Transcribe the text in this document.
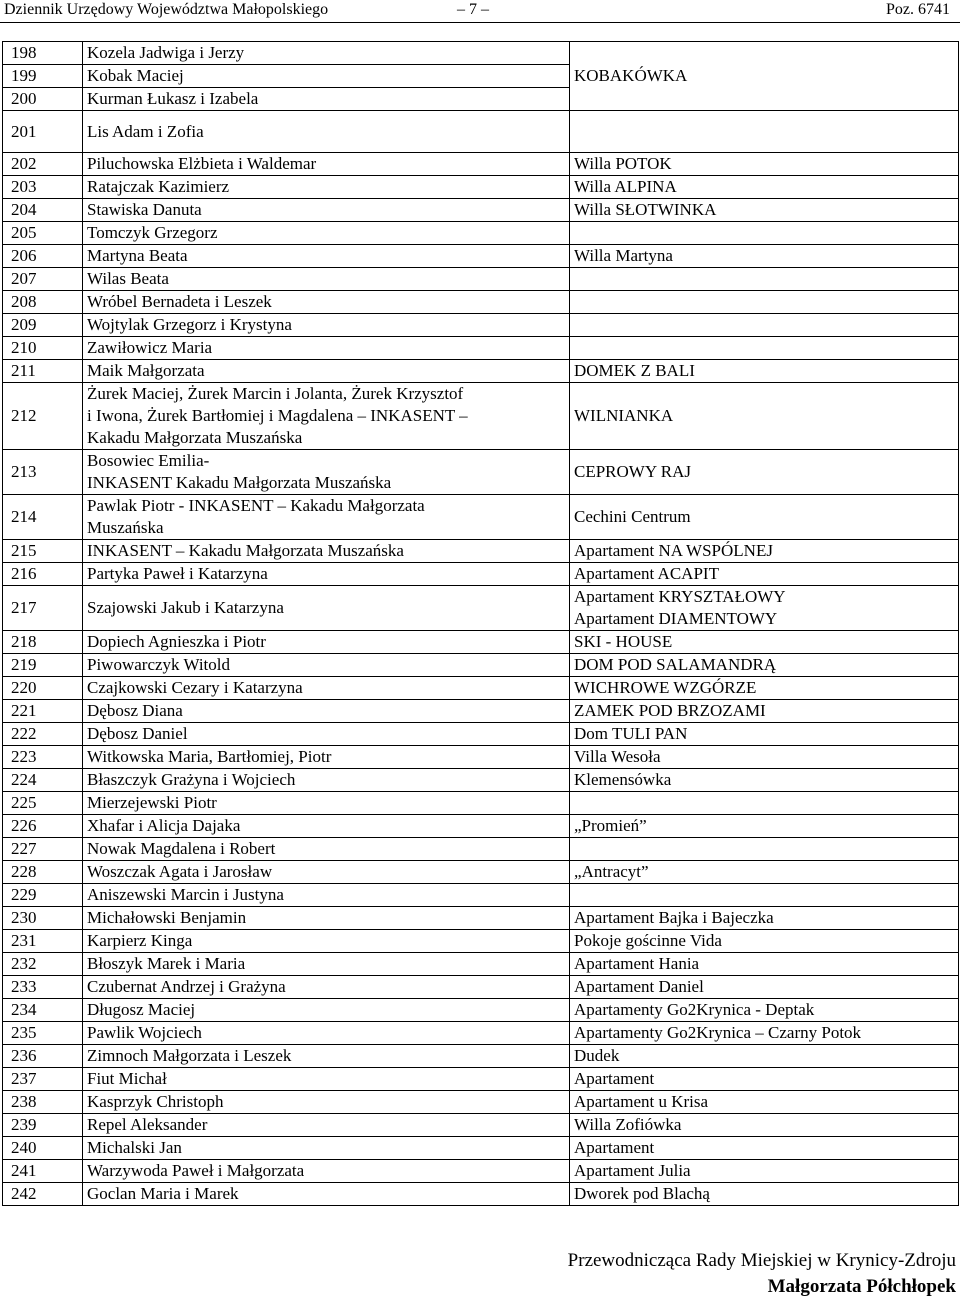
Dziennik Urzędowy Województwa Małopolskiego	– 7 –	Poz. 6741
198	Kozela Jadwiga i Jerzy	KOBAKÓWKA
199	Kobak Maciej	
200	Kurman Łukasz i Izabela	
201	Lis Adam i Zofia	
202	Piluchowska Elżbieta i Waldemar	Willa POTOK
203	Ratajczak Kazimierz	Willa ALPINA
204	Stawiska Danuta	Willa SŁOTWINKA
205	Tomczyk Grzegorz	
206	Martyna Beata	Willa Martyna
207	Wilas Beata	
208	Wróbel Bernadeta i Leszek	
209	Wojtylak Grzegorz i Krystyna	
210	Zawiłowicz Maria	
211	Maik Małgorzata	DOMEK Z BALI
212	Żurek Maciej, Żurek Marcin i Jolanta, Żurek Krzysztof
i Iwona, Żurek Bartłomiej i Magdalena – INKASENT –
Kakadu Małgorzata Muszańska	WILNIANKA
213	Bosowiec Emilia-
INKASENT Kakadu Małgorzata Muszańska	CEPROWY RAJ
214	Pawlak Piotr - INKASENT – Kakadu Małgorzata
Muszańska	Cechini Centrum
215	INKASENT – Kakadu Małgorzata Muszańska	Apartament NA WSPÓLNEJ
216	Partyka Paweł i Katarzyna	Apartament ACAPIT
217	Szajowski Jakub i Katarzyna	Apartament KRYSZTAŁOWY
Apartament DIAMENTOWY

218	Dopiech Agnieszka i Piotr	SKI - HOUSE
219	Piwowarczyk Witold	DOM POD SALAMANDRĄ
220	Czajkowski Cezary i Katarzyna	WICHROWE WZGÓRZE
221	Dębosz Diana	ZAMEK POD BRZOZAMI
222	Dębosz Daniel	Dom TULI PAN
223	Witkowska Maria, Bartłomiej, Piotr	Villa Wesoła
224	Błaszczyk Grażyna i Wojciech	Klemensówka
225	Mierzejewski Piotr	
226	Xhafar i Alicja Dajaka	„Promień”
227	Nowak Magdalena i Robert	
228	Woszczak Agata i Jarosław	„Antracyt”
229	Aniszewski Marcin i Justyna	
230	Michałowski Benjamin	Apartament Bajka i Bajeczka
231	Karpierz Kinga	Pokoje gościnne Vida
232	Błoszyk Marek i Maria	Apartament Hania
233	Czubernat Andrzej i Grażyna	Apartament Daniel
234	Długosz Maciej	Apartamenty Go2Krynica - Deptak
235	Pawlik Wojciech	Apartamenty Go2Krynica – Czarny Potok
236	Zimnoch Małgorzata i Leszek	Dudek
237	Fiut Michał	Apartament
238	Kasprzyk Christoph	Apartament u Krisa
239	Repel Aleksander	Willa Zofiówka
240	Michalski Jan	Apartament
241	Warzywoda Paweł i Małgorzata	Apartament Julia
242	Goclan Maria i Marek	Dworek pod Blachą
Przewodnicząca Rady Miejskiej w Krynicy-Zdroju
Małgorzata Półchłopek
